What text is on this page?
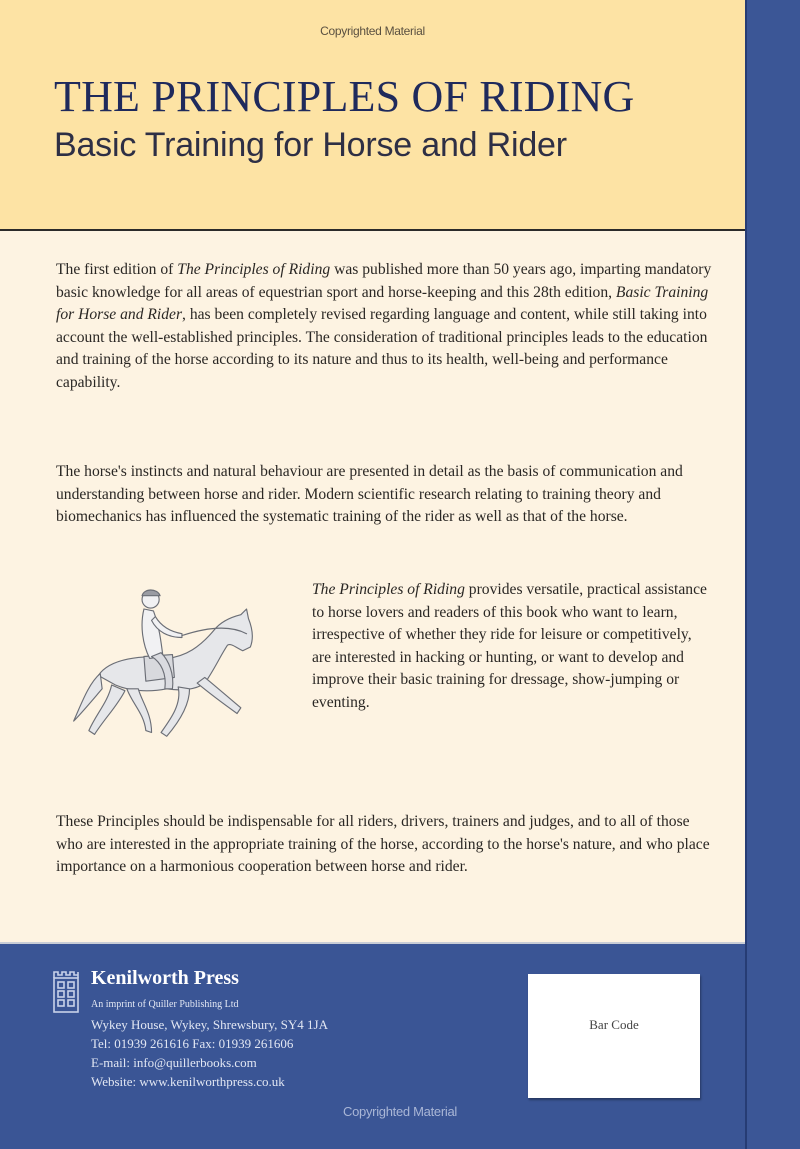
Copyrighted Material
THE PRINCIPLES OF RIDING
Basic Training for Horse and Rider

The first edition of The Principles of Riding was published more than 50 years ago, imparting mandatory basic knowledge for all areas of equestrian sport and horse-keeping and this 28th edition, Basic Training for Horse and Rider, has been completely revised regarding language and content, while still taking into account the well-established principles. The consideration of traditional principles leads to the education and training of the horse according to its nature and thus to its health, well-being and performance capability.

The horse's instincts and natural behaviour are presented in detail as the basis of communication and understanding between horse and rider. Modern scientific research relating to training theory and biomechanics has influenced the systematic training of the rider as well as that of the horse.

The Principles of Riding provides versatile, practical assistance to horse lovers and readers of this book who want to learn, irrespective of whether they ride for leisure or competitively, are interested in hacking or hunting, or want to develop and improve their basic training for dressage, show-jumping or eventing.

These Principles should be indispensable for all riders, drivers, trainers and judges, and to all of those who are interested in the appropriate training of the horse, according to the horse's nature, and who place importance on a harmonious cooperation between horse and rider.

Kenilworth Press
An imprint of Quiller Publishing Ltd
Wykey House, Wykey, Shrewsbury, SY4 1JA
Tel: 01939 261616 Fax: 01939 261606
E-mail: info@quillerbooks.com
Website: www.kenilworthpress.co.uk
Bar Code
Copyrighted Material
